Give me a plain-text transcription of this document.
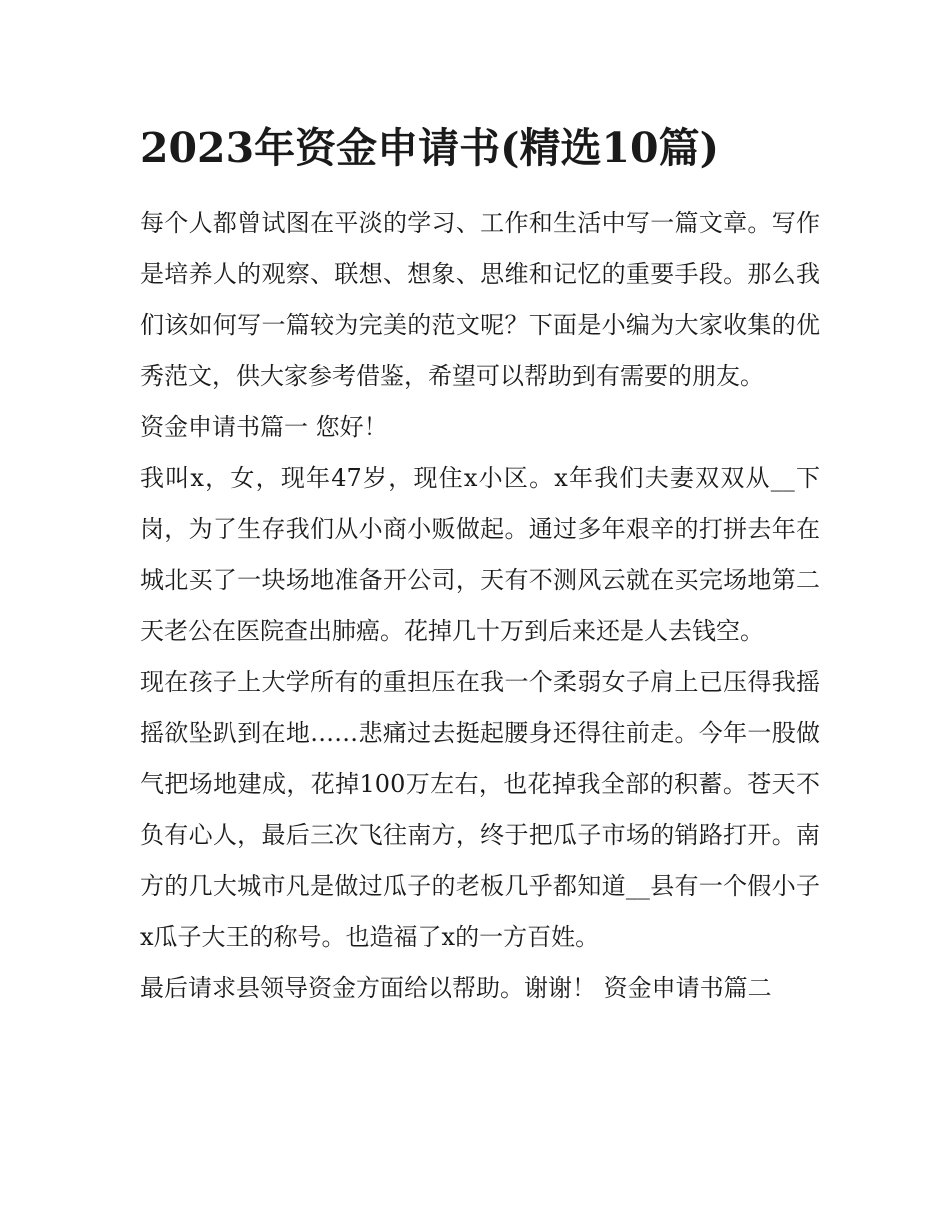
2023年资金申请书(精选10篇)

每个人都曾试图在平淡的学习、工作和生活中写一篇文章。写作是培养人的观察、联想、想象、思维和记忆的重要手段。那么我们该如何写一篇较为完美的范文呢？下面是小编为大家收集的优秀范文，供大家参考借鉴，希望可以帮助到有需要的朋友。

资金申请书篇一 您好！

我叫x，女，现年47岁，现住x小区。x年我们夫妻双双从__下岗，为了生存我们从小商小贩做起。通过多年艰辛的打拼去年在城北买了一块场地准备开公司，天有不测风云就在买完场地第二天老公在医院查出肺癌。花掉几十万到后来还是人去钱空。

现在孩子上大学所有的重担压在我一个柔弱女子肩上已压得我摇摇欲坠趴到在地……悲痛过去挺起腰身还得往前走。今年一股做气把场地建成，花掉100万左右，也花掉我全部的积蓄。苍天不负有心人，最后三次飞往南方，终于把瓜子市场的销路打开。南方的几大城市凡是做过瓜子的老板几乎都知道__县有一个假小子x瓜子大王的称号。也造福了x的一方百姓。

最后请求县领导资金方面给以帮助。谢谢！ 资金申请书篇二
